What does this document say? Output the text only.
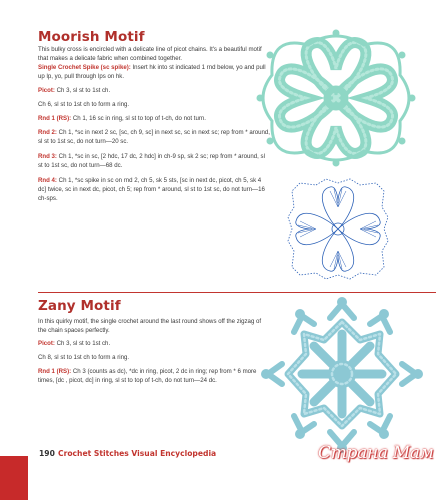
Moorish Motif
This bulky cross is encircled with a delicate line of picot chains. It's a beautiful motif that makes a delicate fabric when combined together.
Single Crochet Spike (sc spike): Insert hk into st indicated 1 rnd below, yo and pull up lp, yo, pull through lps on hk.
Picot: Ch 3, sl st to 1st ch.
Ch 6, sl st to 1st ch to form a ring.
Rnd 1 (RS): Ch 1, 16 sc in ring, sl st to top of t-ch, do not turn.
Rnd 2: Ch 1, *sc in next 2 sc, [sc, ch 9, sc] in next sc, sc in next sc; rep from * around, sl st to 1st sc, do not turn—20 sc.
Rnd 3: Ch 1, *sc in sc, [2 hdc, 17 dc, 2 hdc] in ch-9 sp, sk 2 sc; rep from * around, sl st to 1st sc, do not turn—68 dc.
Rnd 4: Ch 1, *sc spike in sc on rnd 2, ch 5, sk 5 sts, [sc in next dc, picot, ch 5, sk 4 dc] twice, sc in next dc, picot, ch 5; rep from * around, sl st to 1st sc, do not turn—16 ch-sps.
Zany Motif
In this quirky motif, the single crochet around the last round shows off the zigzag of the chain spaces perfectly.
Picot: Ch 3, sl st to 1st ch.
Ch 8, sl st to 1st ch to form a ring.
Rnd 1 (RS): Ch 3 (counts as dc), *dc in ring, picot, 2 dc in ring; rep from * 6 more times, [dc , picot, dc] in ring, sl st to top of t-ch, do not turn—24 dc.
190 Crochet Stitches Visual Encyclopedia	Страна Мам
